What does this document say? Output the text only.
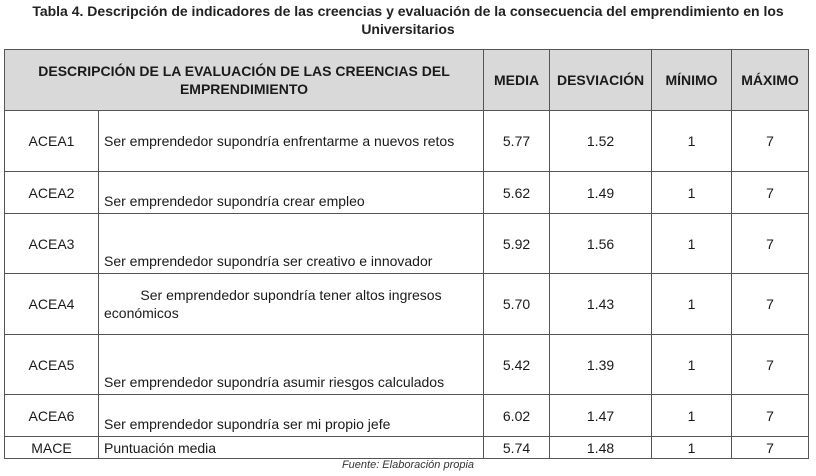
Tabla 4. Descripción de indicadores de las creencias y evaluación de la consecuencia del emprendimiento en los Universitarios
DESCRIPCIÓN DE LA EVALUACIÓN DE LAS CREENCIAS DEL EMPRENDIMIENTO		MEDIA	DESVIACIÓN	MÍNIMO	MÁXIMO
ACEA1	Ser emprendedor supondría enfrentarme a nuevos retos	5.77	1.52	1	7
ACEA2	Ser emprendedor supondría crear empleo	5.62	1.49	1	7
ACEA3	Ser emprendedor supondría ser creativo e innovador	5.92	1.56	1	7
ACEA4	Ser emprendedor supondría tener altos ingresos económicos	5.70	1.43	1	7
ACEA5	Ser emprendedor supondría asumir riesgos calculados	5.42	1.39	1	7
ACEA6	Ser emprendedor supondría ser mi propio jefe	6.02	1.47	1	7
MACE	Puntuación media	5.74	1.48	1	7
Fuente: Elaboración propia
